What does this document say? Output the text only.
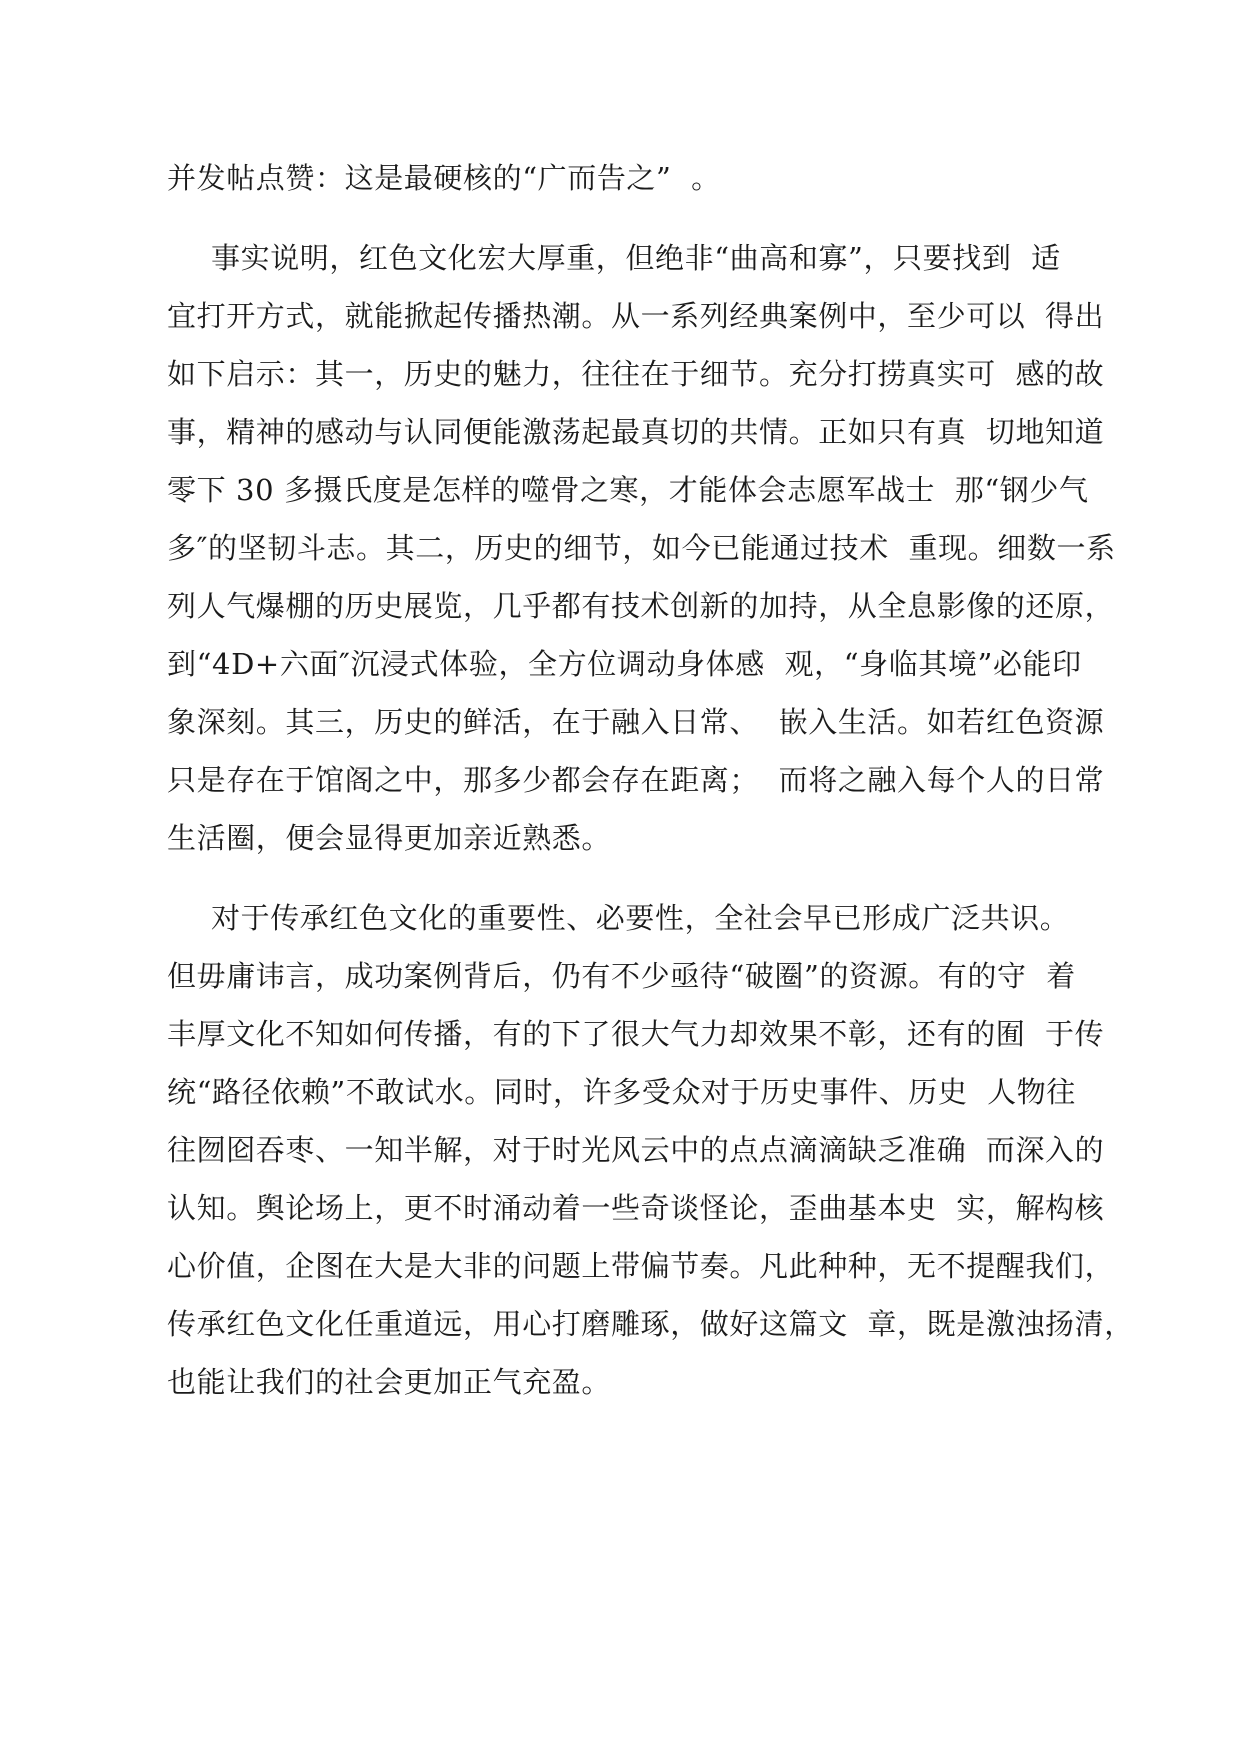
并发帖点赞：这是最硬核的“广而告之”  。
事实说明，红色文化宏大厚重，但绝非“曲高和寡”，只要找到  适
宜打开方式，就能掀起传播热潮。从一系列经典案例中，至少可以  得出
如下启示：其一，历史的魅力，往往在于细节。充分打捞真实可  感的故
事，精神的感动与认同便能激荡起最真切的共情。正如只有真  切地知道
零下 30 多摄氏度是怎样的噬骨之寒，才能体会志愿军战士  那“钢少气
多″的坚韧斗志。其二，历史的细节，如今已能通过技术  重现。细数一系
列人气爆棚的历史展览，几乎都有技术创新的加持，从全息影像的还原，
到“4D+六面″沉浸式体验，全方位调动身体感  观，“身临其境”必能印
象深刻。其三，历史的鲜活，在于融入日常、  嵌入生活。如若红色资源
只是存在于馆阁之中，那多少都会存在距离；  而将之融入每个人的日常
生活圈，便会显得更加亲近熟悉。
对于传承红色文化的重要性、必要性，全社会早已形成广泛共识。
但毋庸讳言，成功案例背后，仍有不少亟待“破圈”的资源。有的守  着
丰厚文化不知如何传播，有的下了很大气力却效果不彰，还有的囿  于传
统“路径依赖”不敢试水。同时，许多受众对于历史事件、历史  人物往
往囫囵吞枣、一知半解，对于时光风云中的点点滴滴缺乏准确  而深入的
认知。舆论场上，更不时涌动着一些奇谈怪论，歪曲基本史  实，解构核
心价值，企图在大是大非的问题上带偏节奏。凡此种种，无不提醒我们，
传承红色文化任重道远，用心打磨雕琢，做好这篇文  章，既是激浊扬清，
也能让我们的社会更加正气充盈。
